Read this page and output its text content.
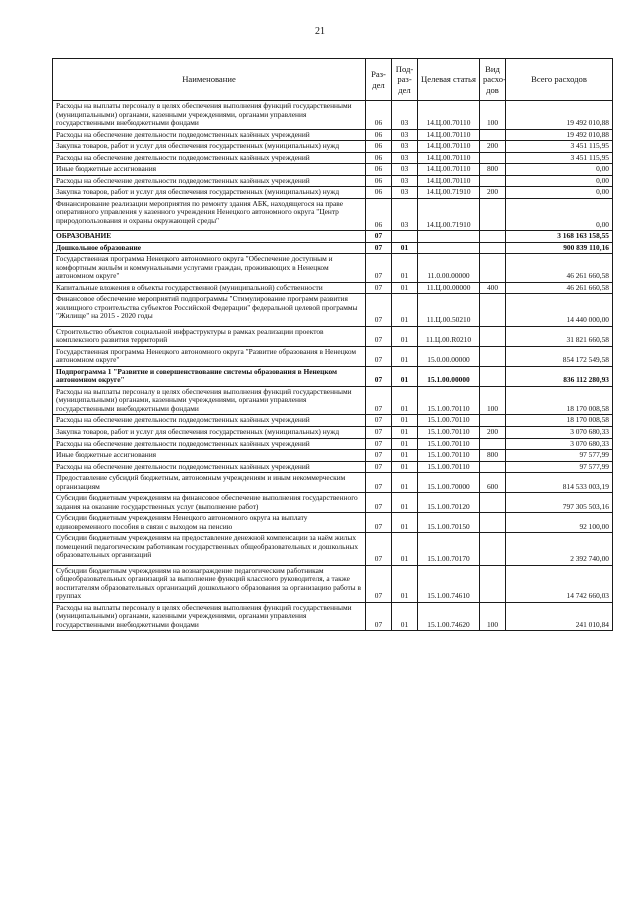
21
Наименование	Раз-дел	Под-раз-дел	Целевая статья	Вид расхо-дов	Всего расходов
Расходы на выплаты персоналу в целях обеспечения выполнения функций государственными (муниципальными) органами, казенными учреждениями, органами управления государственными внебюджетными фондами	06	03	14.Ц.00.70110	100	19 492 010,88
Расходы на обеспечение деятельности подведомственных казённых учреждений	06	03	14.Ц.00.70110		19 492 010,88
Закупка товаров, работ и услуг для обеспечения государственных (муниципальных) нужд	06	03	14.Ц.00.70110	200	3 451 115,95
Расходы на обеспечение деятельности подведомственных казённых учреждений	06	03	14.Ц.00.70110		3 451 115,95
Иные бюджетные ассигнования	06	03	14.Ц.00.70110	800	0,00
Расходы на обеспечение деятельности подведомственных казённых учреждений	06	03	14.Ц.00.70110		0,00
Закупка товаров, работ и услуг для обеспечения государственных (муниципальных) нужд	06	03	14.Ц.00.71910	200	0,00
Финансирование реализации мероприятия по ремонту здания АБК, находящегося на праве оперативного управления у казенного учреждения Ненецкого автономного округа "Центр природопользования и охраны окружающей среды"	06	03	14.Ц.00.71910		0,00
ОБРАЗОВАНИЕ	07				3 168 163 158,55
Дошкольное образование	07	01			900 839 110,16
Государственная программа Ненецкого автономного округа "Обеспечение доступным и комфортным жильём и коммунальными услугами граждан, проживающих в Ненецком автономном округе"	07	01	11.0.00.00000		46 261 660,58
Капитальные вложения в объекты государственной (муниципальной) собственности	07	01	11.Ц.00.00000	400	46 261 660,58
Финансовое обеспечение мероприятий подпрограммы "Стимулирование программ развития жилищного строительства субъектов Российской Федерации" федеральной целевой программы "Жилище" на 2015 - 2020 годы	07	01	11.Ц.00.50210		14 440 000,00
Строительство объектов социальной инфраструктуры в рамках реализации проектов комплексного развития территорий	07	01	11.Ц.00.R0210		31 821 660,58
Государственная программа Ненецкого автономного округа "Развитие образования в Ненецком автономном округе"	07	01	15.0.00.00000		854 172 549,58
Подпрограмма 1 "Развитие и совершенствование системы образования в Ненецком автономном округе"	07	01	15.1.00.00000		836 112 280,93
Расходы на выплаты персоналу в целях обеспечения выполнения функций государственными (муниципальными) органами, казенными учреждениями, органами управления государственными внебюджетными фондами	07	01	15.1.00.70110	100	18 170 008,58
Расходы на обеспечение деятельности подведомственных казённых учреждений	07	01	15.1.00.70110		18 170 008,58
Закупка товаров, работ и услуг для обеспечения государственных (муниципальных) нужд	07	01	15.1.00.70110	200	3 070 680,33
Расходы на обеспечение деятельности подведомственных казённых учреждений	07	01	15.1.00.70110		3 070 680,33
Иные бюджетные ассигнования	07	01	15.1.00.70110	800	97 577,99
Расходы на обеспечение деятельности подведомственных казённых учреждений	07	01	15.1.00.70110		97 577,99
Предоставление субсидий бюджетным, автономным учреждениям и иным некоммерческим организациям	07	01	15.1.00.70000	600	814 533 003,19
Субсидии бюджетным учреждениям на финансовое обеспечение выполнения государственного задания на оказание государственных услуг (выполнение работ)	07	01	15.1.00.70120		797 305 503,16
Субсидии бюджетным учреждениям Ненецкого автономного округа на выплату единовременного пособия в связи с выходом на пенсию	07	01	15.1.00.70150		92 100,00
Субсидии бюджетным учреждениям на предоставление денежной компенсации за наём жилых помещений педагогическим работникам государственных общеобразовательных и дошкольных образовательных организаций	07	01	15.1.00.70170		2 392 740,00
Субсидии бюджетным учреждениям на вознаграждение педагогическим работникам общеобразовательных организаций за выполнение функций классного руководителя, а также воспитателям образовательных организаций дошкольного образования за организацию работы в группах	07	01	15.1.00.74610		14 742 660,03
Расходы на выплаты персоналу в целях обеспечения выполнения функций государственными (муниципальными) органами, казенными учреждениями, органами управления государственными внебюджетными фондами	07	01	15.1.00.74620	100	241 010,84
